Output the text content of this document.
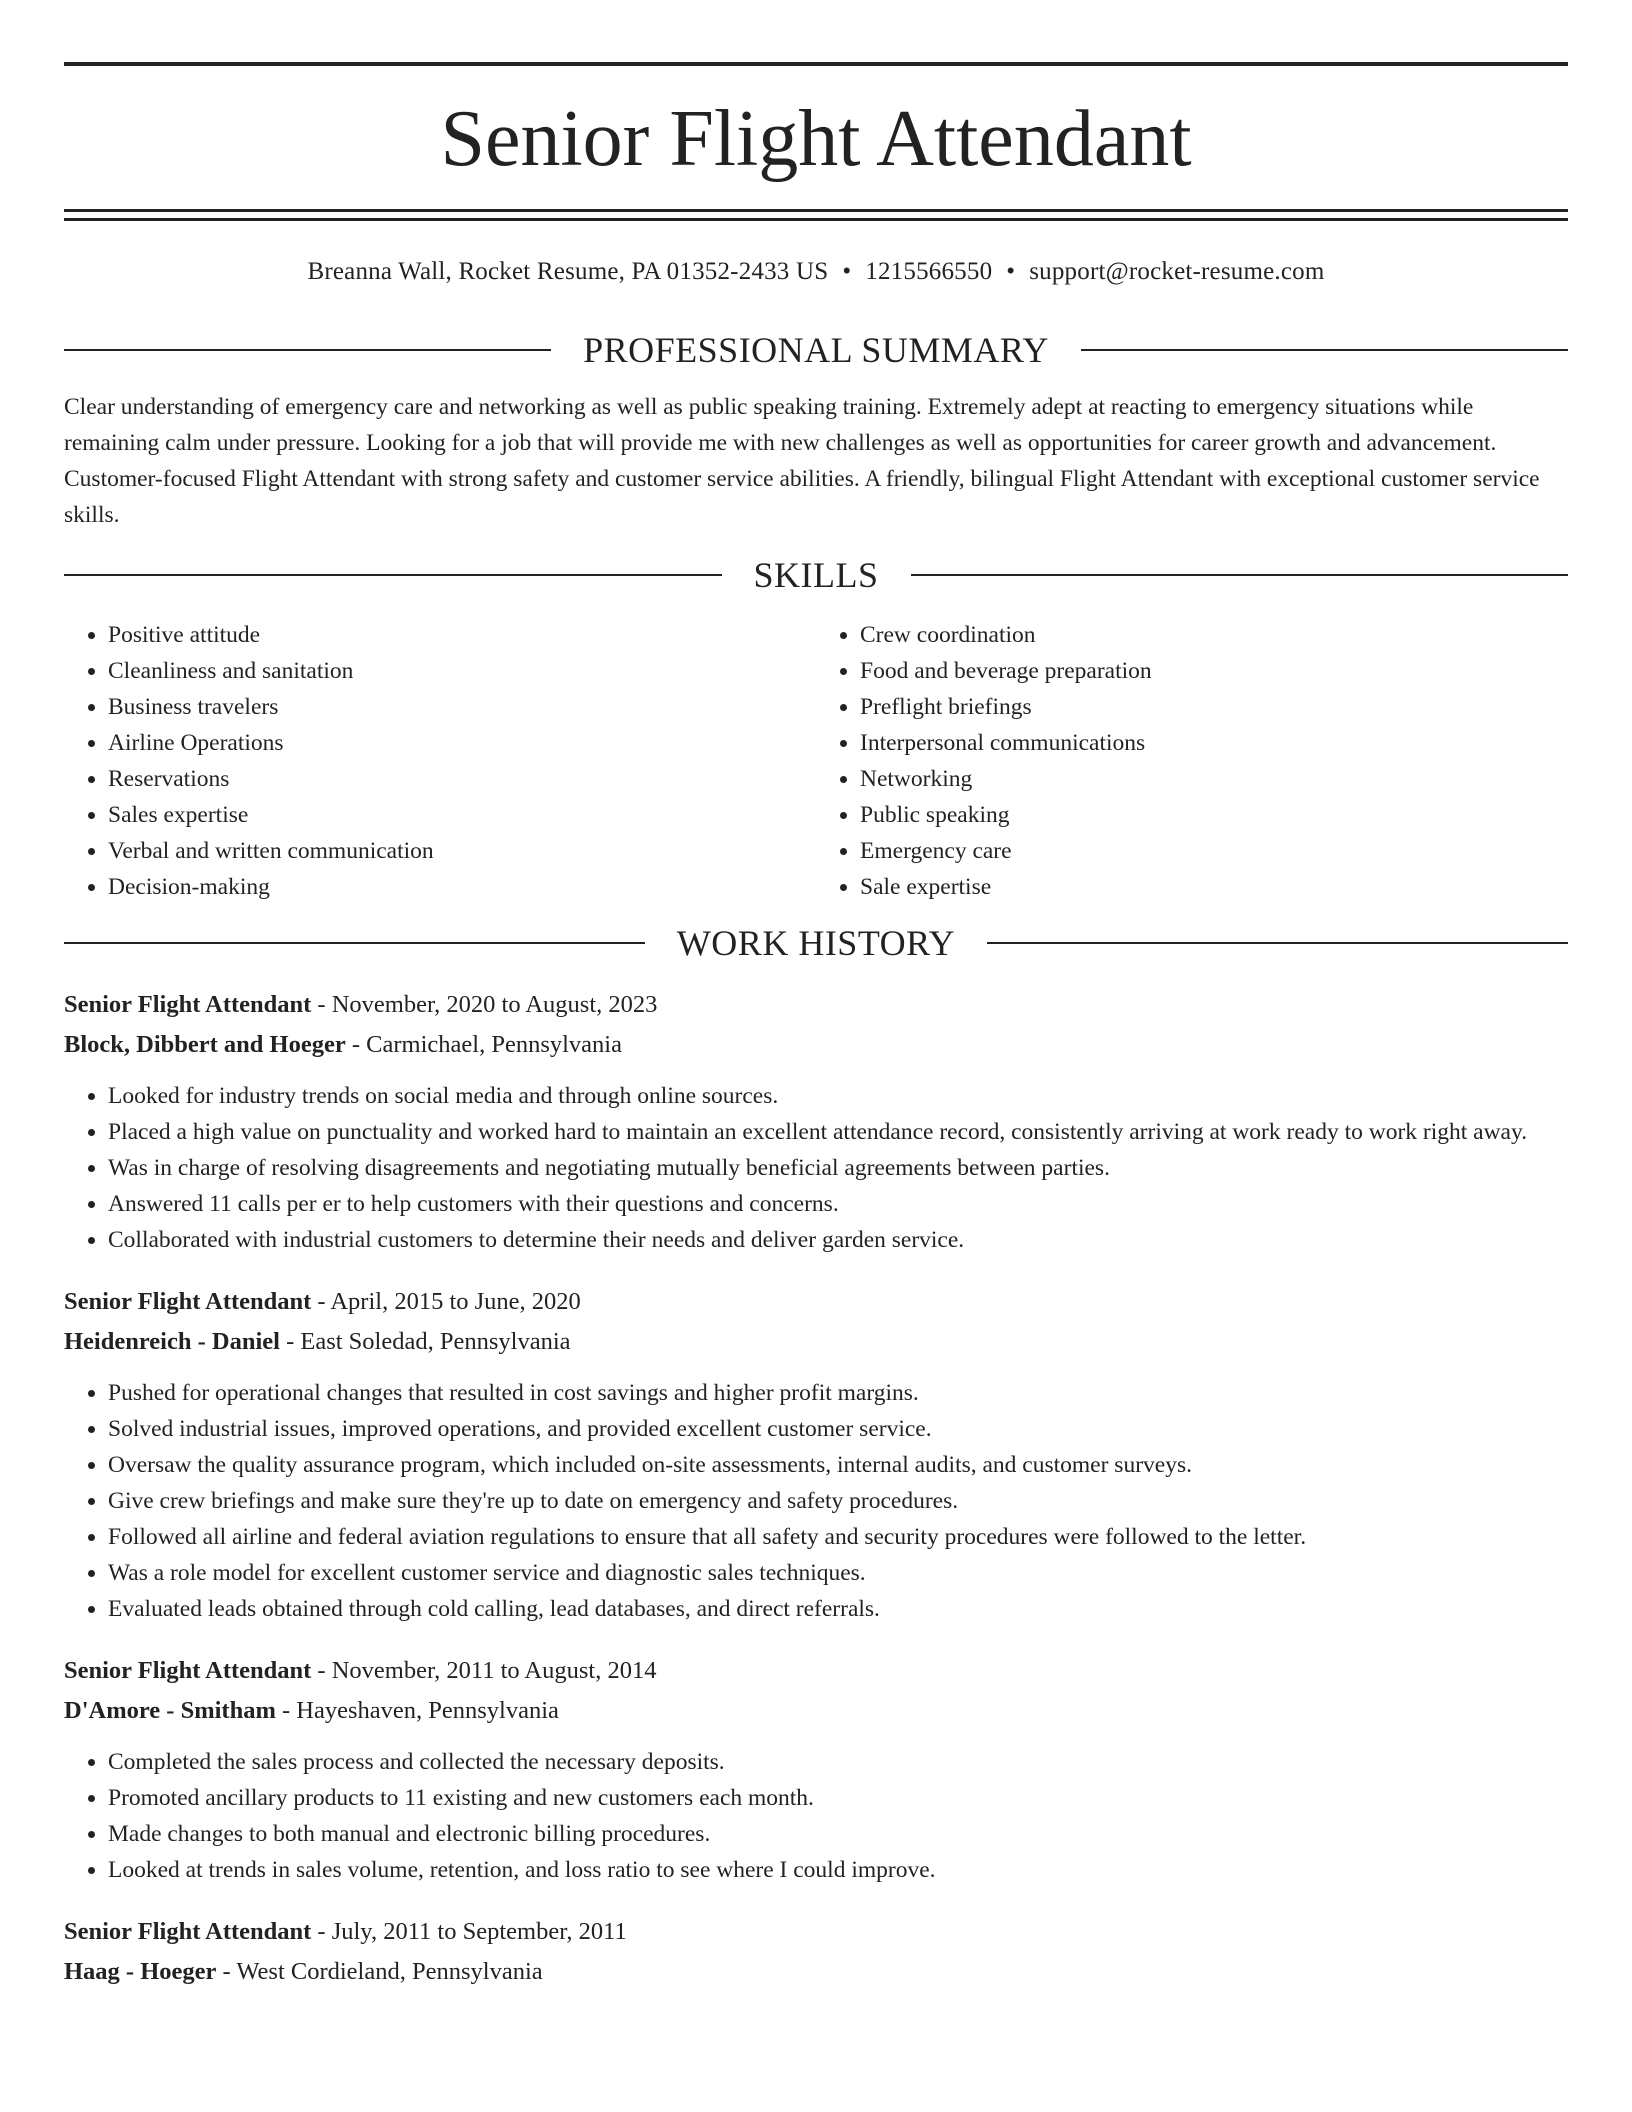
Senior Flight Attendant
Breanna Wall, Rocket Resume, PA 01352-2433 US • 1215566550 • support@rocket-resume.com
PROFESSIONAL SUMMARY

Clear understanding of emergency care and networking as well as public speaking training. Extremely adept at reacting to emergency situations while remaining calm under pressure. Looking for a job that will provide me with new challenges as well as opportunities for career growth and advancement. Customer-focused Flight Attendant with strong safety and customer service abilities. A friendly, bilingual Flight Attendant with exceptional customer service skills.

SKILLS
• Positive attitude
• Cleanliness and sanitation
• Business travelers
• Airline Operations
• Reservations
• Sales expertise
• Verbal and written communication
• Decision-making
• Crew coordination
• Food and beverage preparation
• Preflight briefings
• Interpersonal communications
• Networking
• Public speaking
• Emergency care
• Sale expertise
WORK HISTORY
Senior Flight Attendant - November, 2020 to August, 2023
Block, Dibbert and Hoeger - Carmichael, Pennsylvania
• Looked for industry trends on social media and through online sources.
• Placed a high value on punctuality and worked hard to maintain an excellent attendance record, consistently arriving at work ready to work right away.
• Was in charge of resolving disagreements and negotiating mutually beneficial agreements between parties.
• Answered 11 calls per er to help customers with their questions and concerns.
• Collaborated with industrial customers to determine their needs and deliver garden service.
Senior Flight Attendant - April, 2015 to June, 2020
Heidenreich - Daniel - East Soledad, Pennsylvania
• Pushed for operational changes that resulted in cost savings and higher profit margins.
• Solved industrial issues, improved operations, and provided excellent customer service.
• Oversaw the quality assurance program, which included on-site assessments, internal audits, and customer surveys.
• Give crew briefings and make sure they're up to date on emergency and safety procedures.
• Followed all airline and federal aviation regulations to ensure that all safety and security procedures were followed to the letter.
• Was a role model for excellent customer service and diagnostic sales techniques.
• Evaluated leads obtained through cold calling, lead databases, and direct referrals.
Senior Flight Attendant - November, 2011 to August, 2014
D'Amore - Smitham - Hayeshaven, Pennsylvania
• Completed the sales process and collected the necessary deposits.
• Promoted ancillary products to 11 existing and new customers each month.
• Made changes to both manual and electronic billing procedures.
• Looked at trends in sales volume, retention, and loss ratio to see where I could improve.
Senior Flight Attendant - July, 2011 to September, 2011
Haag - Hoeger - West Cordieland, Pennsylvania
